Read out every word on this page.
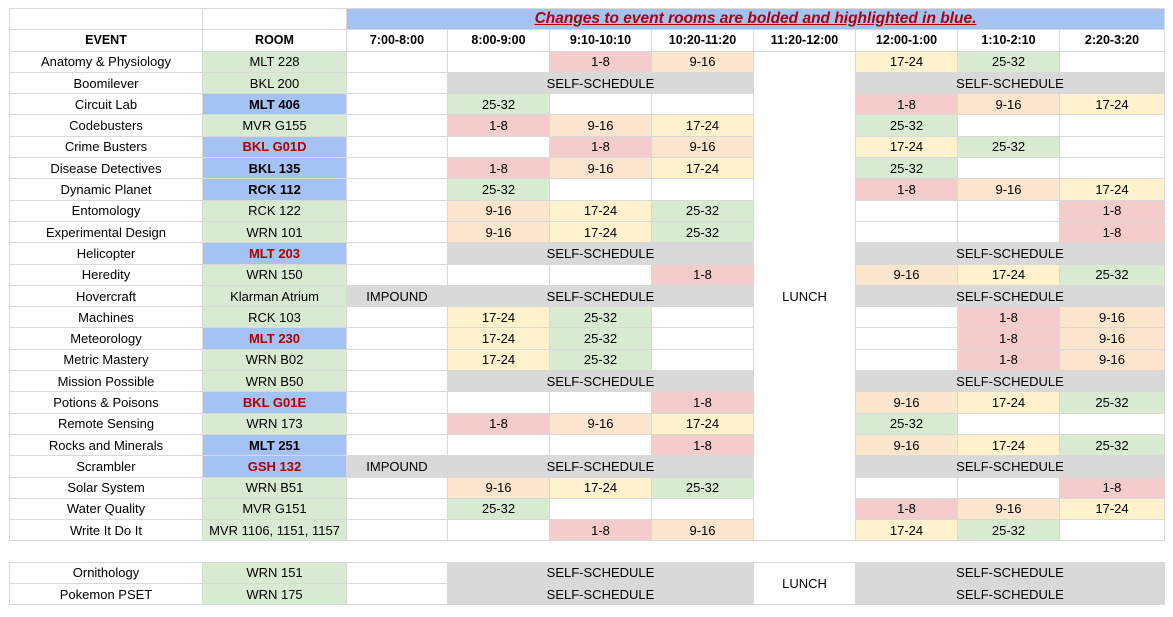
		Changes to event rooms are bolded and highlighted in blue.							
EVENT	ROOM	7:00-8:00	8:00-9:00	9:10-10:10	10:20-11:20	11:20-12:00	12:00-1:00	1:10-2:10	2:20-3:20
Anatomy & Physiology	MLT 228			1-8	9-16	LUNCH	17-24	25-32	
Boomilever	BKL 200		SELF-SCHEDULE				SELF-SCHEDULE		
Circuit Lab	MLT 406		25-32				1-8	9-16	17-24
Codebusters	MVR G155		1-8	9-16	17-24		25-32		
Crime Busters	BKL G01D			1-8	9-16		17-24	25-32	
Disease Detectives	BKL 135		1-8	9-16	17-24		25-32		
Dynamic Planet	RCK 112		25-32				1-8	9-16	17-24
Entomology	RCK 122		9-16	17-24	25-32				1-8
Experimental Design	WRN 101		9-16	17-24	25-32				1-8
Helicopter	MLT 203		SELF-SCHEDULE				SELF-SCHEDULE		
Heredity	WRN 150				1-8		9-16	17-24	25-32
Hovercraft	Klarman Atrium	IMPOUND	SELF-SCHEDULE				SELF-SCHEDULE		
Machines	RCK 103		17-24	25-32				1-8	9-16
Meteorology	MLT 230		17-24	25-32				1-8	9-16
Metric Mastery	WRN B02		17-24	25-32				1-8	9-16
Mission Possible	WRN B50		SELF-SCHEDULE				SELF-SCHEDULE		
Potions & Poisons	BKL G01E				1-8		9-16	17-24	25-32
Remote Sensing	WRN 173		1-8	9-16	17-24		25-32		
Rocks and Minerals	MLT 251				1-8		9-16	17-24	25-32
Scrambler	GSH 132	IMPOUND	SELF-SCHEDULE				SELF-SCHEDULE		
Solar System	WRN B51		9-16	17-24	25-32				1-8
Water Quality	MVR G151		25-32				1-8	9-16	17-24
Write It Do It	MVR 1106, 1151, 1157			1-8	9-16		17-24	25-32	

Ornithology	WRN 151		SELF-SCHEDULE			LUNCH	SELF-SCHEDULE		
Pokemon PSET	WRN 175		SELF-SCHEDULE				SELF-SCHEDULE		
